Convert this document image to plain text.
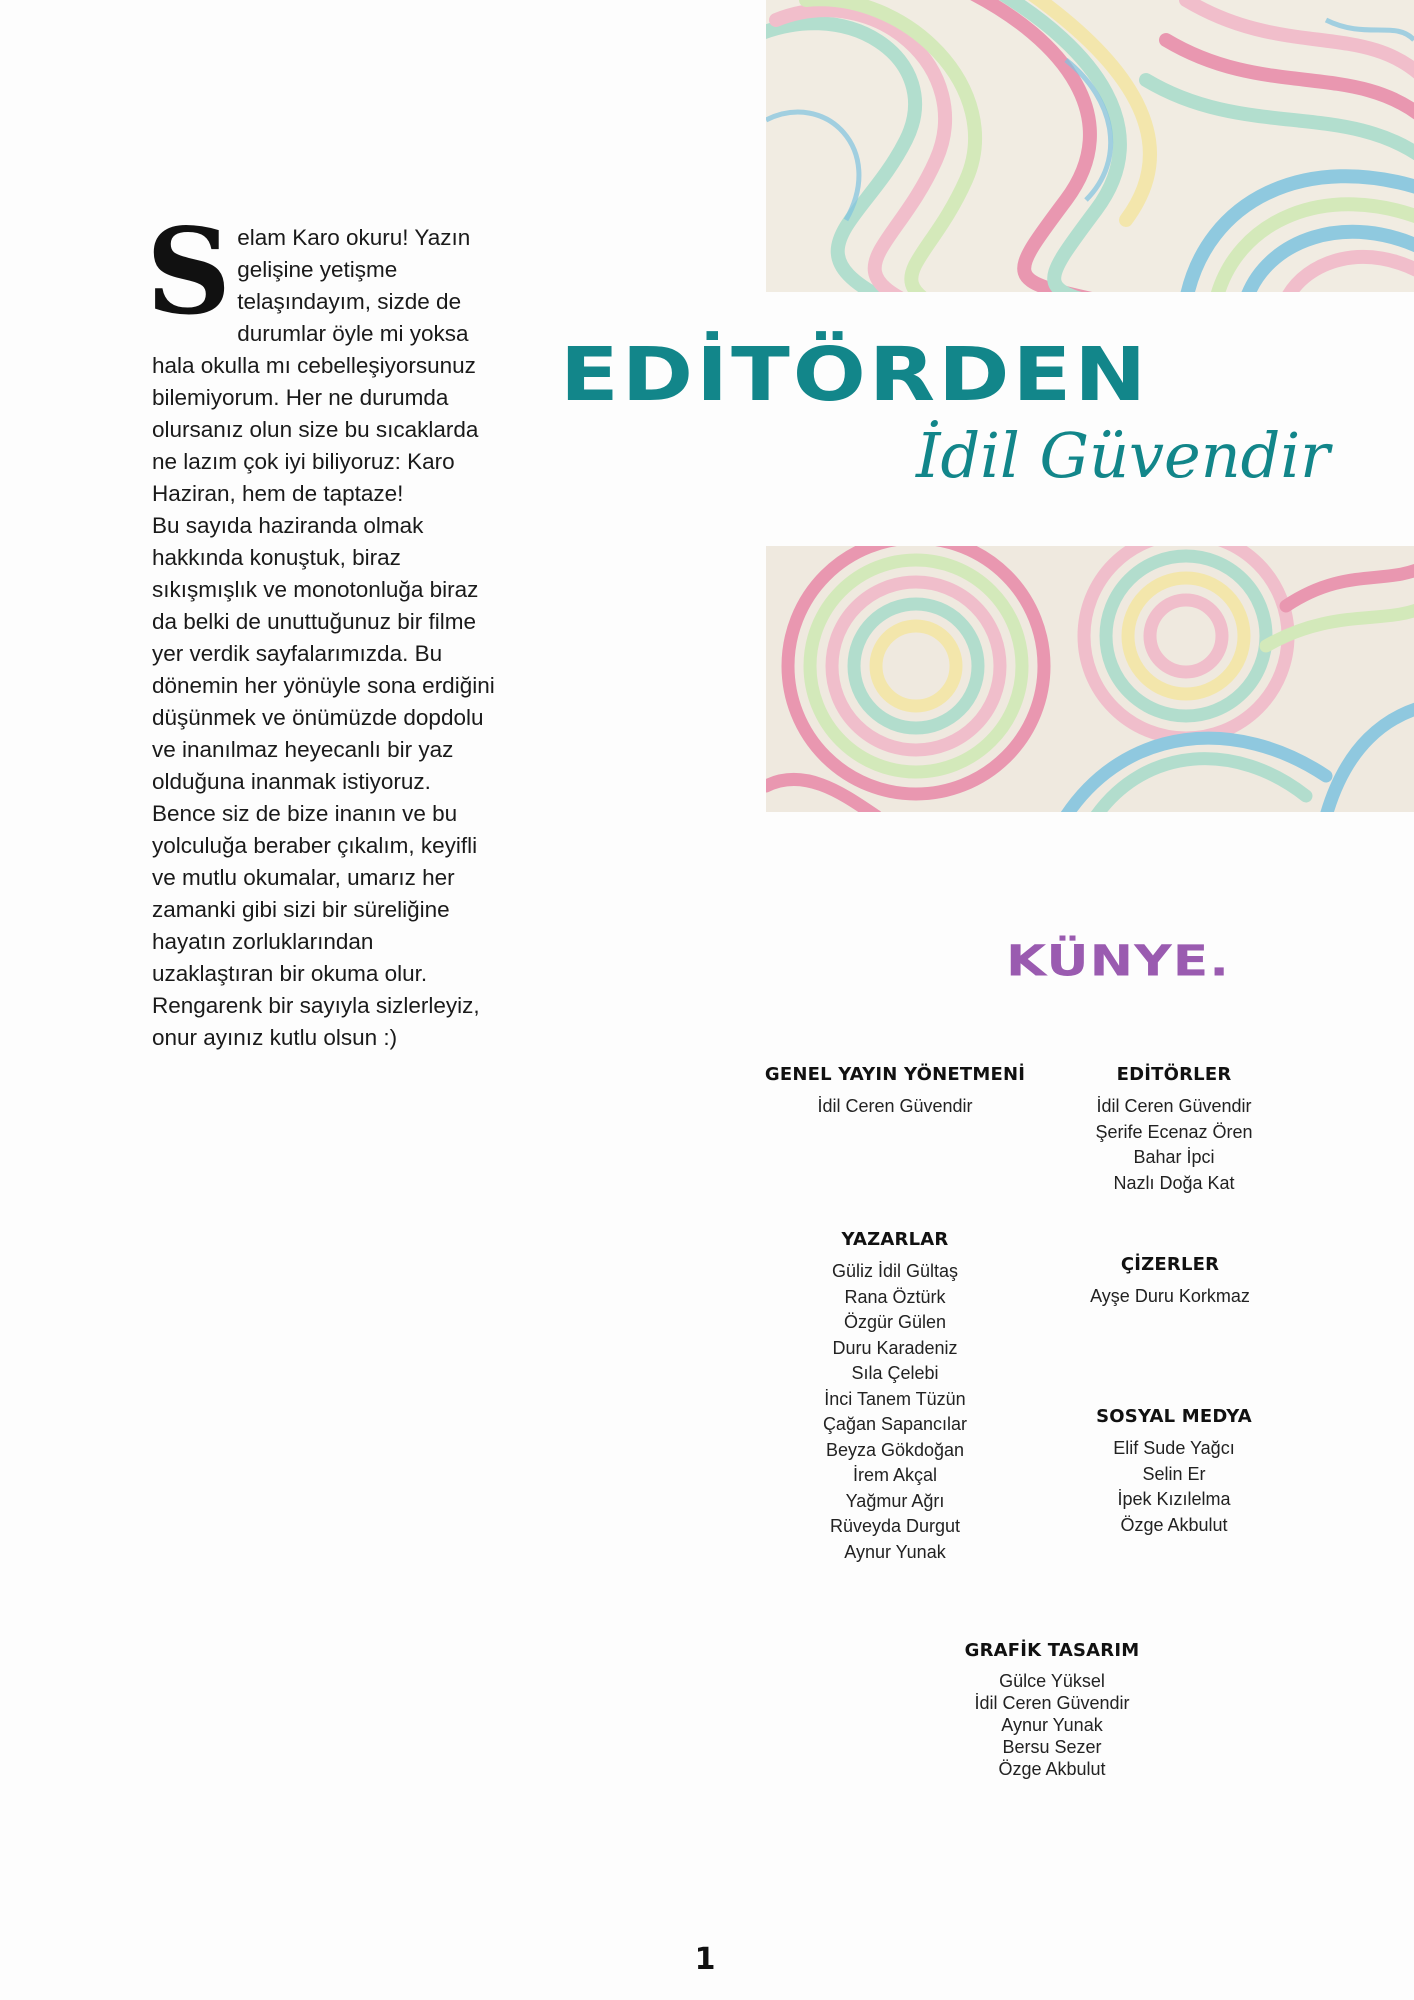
S elam Karo okuru! Yazın gelişine yetişme telaşındayım, sizde de durumlar öyle mi yoksa hala okulla mı cebelleşiyorsunuz bilemiyorum. Her ne durumda olursanız olun size bu sıcaklarda ne lazım çok iyi biliyoruz: Karo Haziran, hem de taptaze!

Bu sayıda haziranda olmak hakkında konuştuk, biraz sıkışmışlık ve monotonluğa biraz da belki de unuttuğunuz bir filme yer verdik sayfalarımızda. Bu dönemin her yönüyle sona erdiğini düşünmek ve önümüzde dopdolu ve inanılmaz heyecanlı bir yaz olduğuna inanmak istiyoruz. Bence siz de bize inanın ve bu yolculuğa beraber çıkalım, keyifli ve mutlu okumalar, umarız her zamanki gibi sizi bir süreliğine hayatın zorluklarından uzaklaştıran bir okuma olur.

Rengarenk bir sayıyla sizlerleyiz, onur ayınız kutlu olsun :)

EDİTÖRDEN
İdil Güvendir
KÜNYE.
GENEL YAYIN YÖNETMENİ
İdil Ceren Güvendir
EDİTÖRLER
İdil Ceren Güvendir
Şerife Ecenaz Ören
Bahar İpci
Nazlı Doğa Kat
YAZARLAR
Güliz İdil Gültaş
Rana Öztürk
Özgür Gülen
Duru Karadeniz
Sıla Çelebi
İnci Tanem Tüzün
Çağan Sapancılar
Beyza Gökdoğan
İrem Akçal
Yağmur Ağrı
Rüveyda Durgut
Aynur Yunak
ÇİZERLER
Ayşe Duru Korkmaz
SOSYAL MEDYA
Elif Sude Yağcı
Selin Er
İpek Kızılelma
Özge Akbulut
GRAFİK TASARIM
Gülce Yüksel
İdil Ceren Güvendir
Aynur Yunak
Bersu Sezer
Özge Akbulut
1
